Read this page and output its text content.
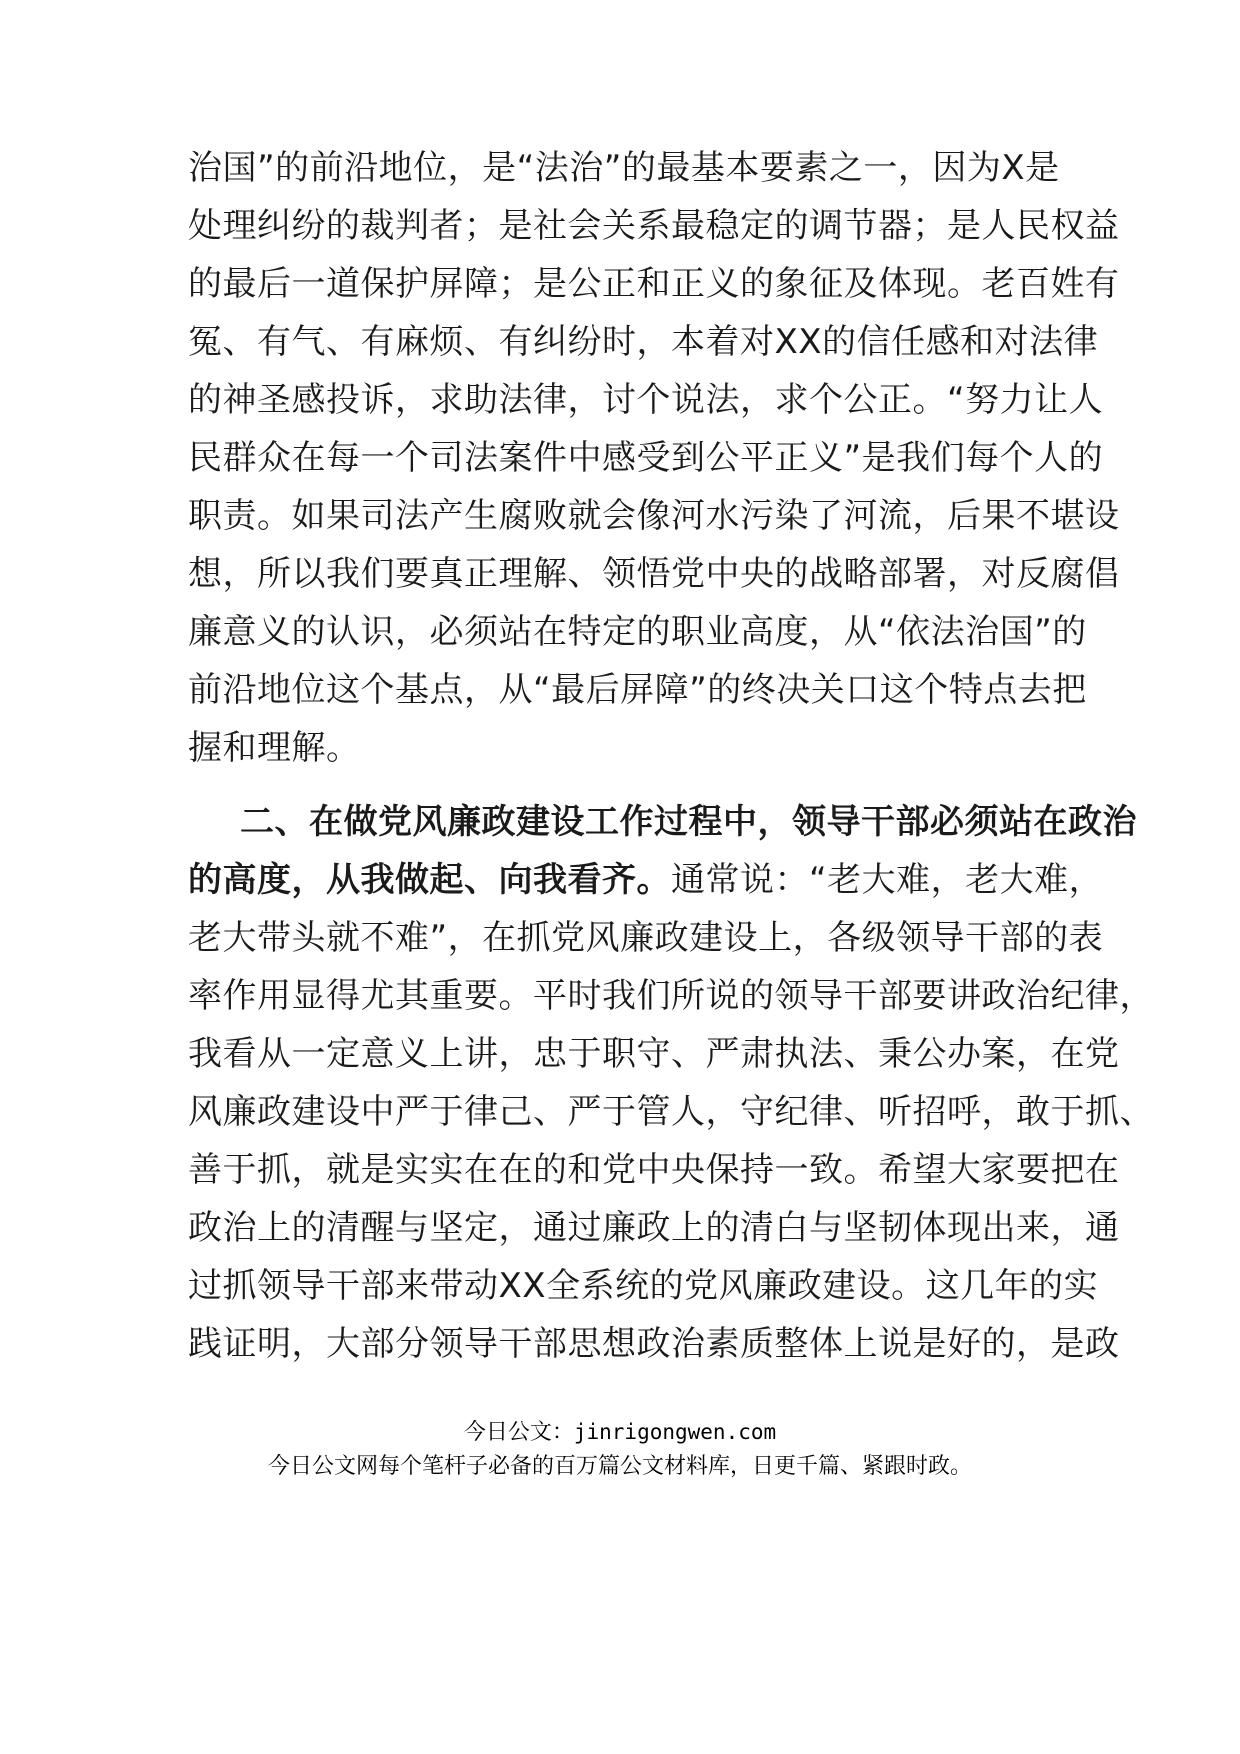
治国”的前沿地位，是“法治”的最基本要素之一，因为X是
处理纠纷的裁判者；是社会关系最稳定的调节器；是人民权益
的最后一道保护屏障；是公正和正义的象征及体现。老百姓有
冤、有气、有麻烦、有纠纷时，本着对XX的信任感和对法律
的神圣感投诉，求助法律，讨个说法，求个公正。“努力让人
民群众在每一个司法案件中感受到公平正义”是我们每个人的
职责。如果司法产生腐败就会像河水污染了河流，后果不堪设
想，所以我们要真正理解、领悟党中央的战略部署，对反腐倡
廉意义的认识，必须站在特定的职业高度，从“依法治国”的
前沿地位这个基点，从“最后屏障”的终决关口这个特点去把
握和理解。
二、在做党风廉政建设工作过程中，领导干部必须站在政治
的高度，从我做起、向我看齐。通常说：“老大难，老大难，
老大带头就不难”，在抓党风廉政建设上，各级领导干部的表
率作用显得尤其重要。平时我们所说的领导干部要讲政治纪律，
我看从一定意义上讲，忠于职守、严肃执法、秉公办案，在党
风廉政建设中严于律己、严于管人，守纪律、听招呼，敢于抓、
善于抓，就是实实在在的和党中央保持一致。希望大家要把在
政治上的清醒与坚定，通过廉政上的清白与坚韧体现出来，通
过抓领导干部来带动XX全系统的党风廉政建设。这几年的实
践证明，大部分领导干部思想政治素质整体上说是好的，是政
今日公文：jinrigongwen.com
今日公文网每个笔杆子必备的百万篇公文材料库，日更千篇、紧跟时政。
